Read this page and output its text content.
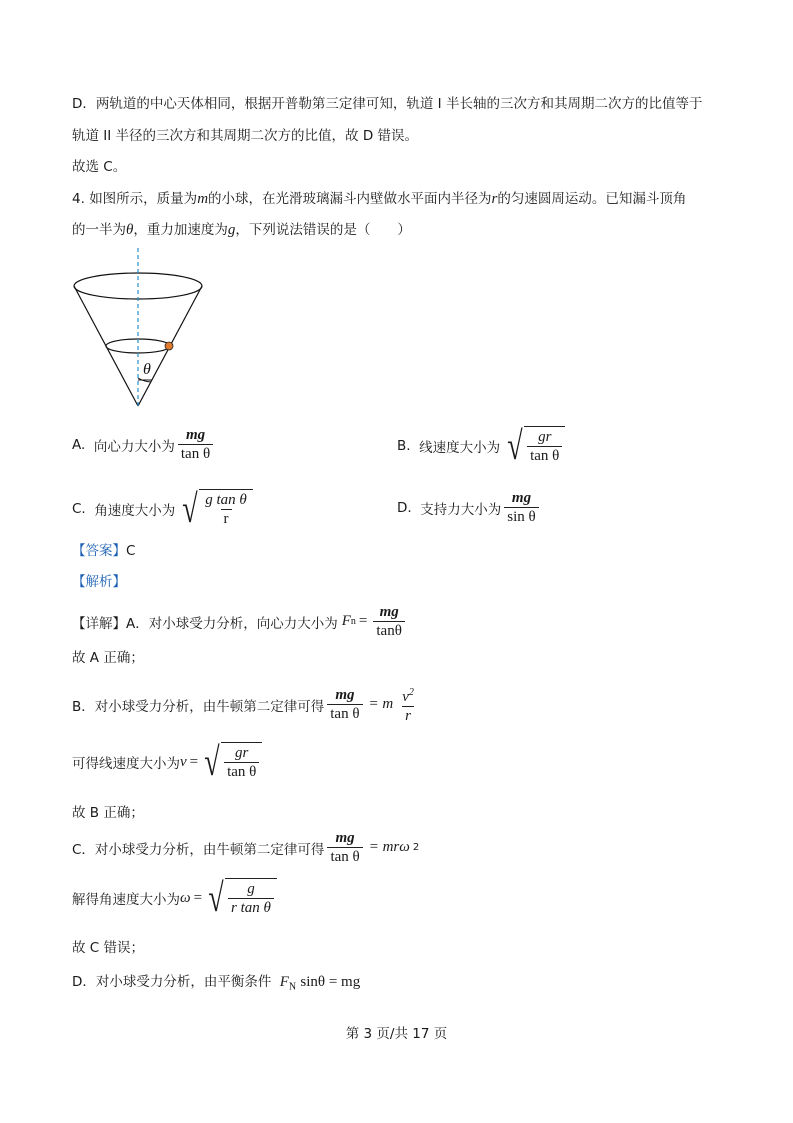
D．两轨道的中心天体相同，根据开普勒第三定律可知，轨道 I 半长轴的三次方和其周期二次方的比值等于
轨道 II 半径的三次方和其周期二次方的比值，故 D 错误。
故选 C。
4. 如图所示，质量为m的小球，在光滑玻璃漏斗内壁做水平面内半径为r的匀速圆周运动。已知漏斗顶角
的一半为θ，重力加速度为g，下列说法错误的是（　　）
θ
A.
向心力大小为 $\frac{mg}{\text{tan θ}}$	B.
线速度大小为 √ $\frac{gr}{\text{tan θ}}$
C.
角速度大小为 √ $\frac{\text{g tan θ}}{r}$	D.
支持力大小为 $\frac{mg}{\text{sin θ}}$
【答案】C
【解析】
【详解】 A．对小球受力分析，向心力大小为 F $n = \frac{mg}{\tan\theta}$
故 A 正确；
B．对小球受力分析，由牛顿第二定律可得 $\frac{mg}{\text{tan θ}} = m \frac{v^2}{r}$
可得线速度大小为 v = √ $\frac{gr}{\text{tan θ}}$
故 B 正确；
C．对小球受力分析，由牛顿第二定律可得 $\frac{mg}{\text{tan θ}} = mr\omega$ 2
解得角速度大小为 ω = √ $\frac{g}{\text{r tan θ}}$
故 C 错误；
D．对小球受力分析，由平衡条件 $F_N$ sinθ = mg
第 3 页/共 17 页
